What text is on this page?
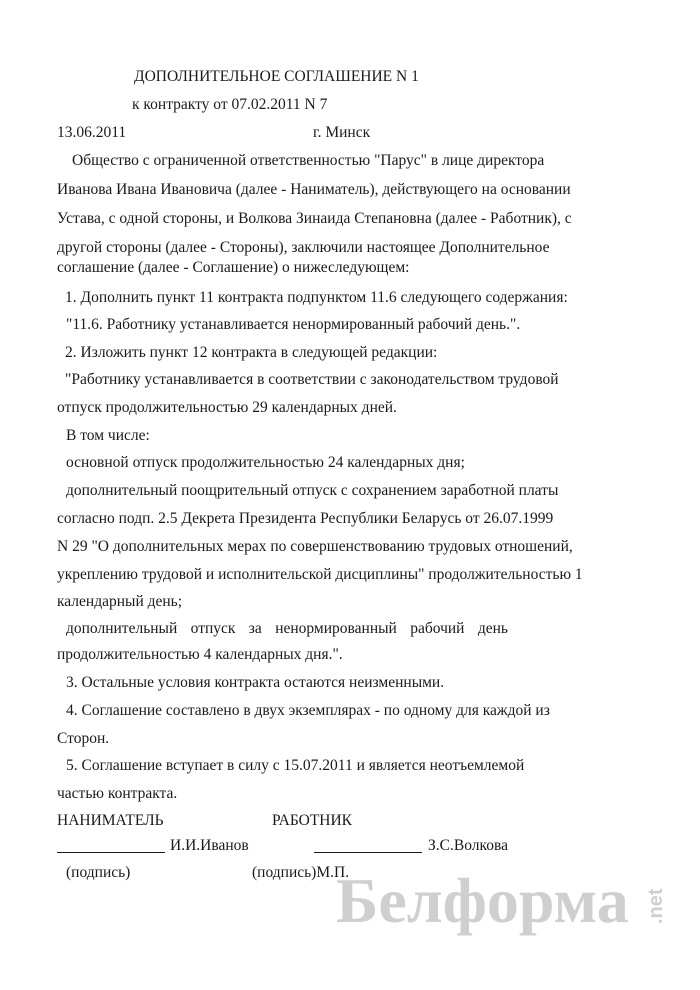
ДОПОЛНИТЕЛЬНОЕ СОГЛАШЕНИЕ N 1
к контракту от 07.02.2011 N 7
13.06.2011	г. Минск
Общество с ограниченной ответственностью "Парус" в лице директора
Иванова Ивана Ивановича (далее - Наниматель), действующего на основании
Устава, с одной стороны, и Волкова Зинаида Степановна (далее - Работник), с
другой стороны (далее - Стороны), заключили настоящее Дополнительное
соглашение (далее - Соглашение) о нижеследующем:
1. Дополнить пункт 11 контракта подпунктом 11.6 следующего содержания:
"11.6. Работнику устанавливается ненормированный рабочий день.".
2. Изложить пункт 12 контракта в следующей редакции:
"Работнику устанавливается в соответствии с законодательством трудовой
отпуск продолжительностью 29 календарных дней.
В том числе:
основной отпуск продолжительностью 24 календарных дня;
дополнительный поощрительный отпуск с сохранением заработной платы
согласно подп. 2.5 Декрета Президента Республики Беларусь от 26.07.1999
N 29 "О дополнительных мерах по совершенствованию трудовых отношений,
укреплению трудовой и исполнительской дисциплины" продолжительностью 1
календарный день;
дополнительный отпуск за ненормированный рабочий день
продолжительностью 4 календарных дня.".
3. Остальные условия контракта остаются неизменными.
4. Соглашение составлено в двух экземплярах - по одному для каждой из
Сторон.
5. Соглашение вступает в силу с 15.07.2011 и является неотъемлемой
частью контракта.
НАНИМАТЕЛЬ	РАБОТНИК
И.И.Иванов	З.С.Волкова
(подпись)	(подпись)М.П.
Белформа .net
